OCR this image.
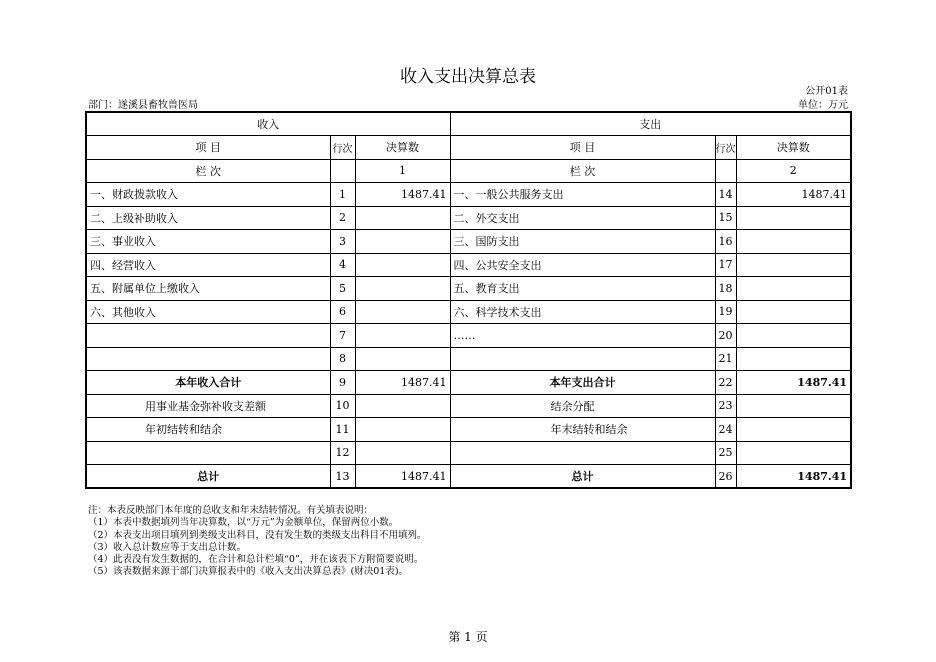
收入支出决算总表
公开01表
部门：遂溪县畜牧兽医局	单位：万元
收入			支出		
项 目	行次	决算数	项 目	行次	决算数
栏 次		1	栏 次		2
一、财政拨款收入	1	1487.41	一、一般公共服务支出	14	1487.41
二、上级补助收入	2		二、外交支出	15	
三、事业收入	3		三、国防支出	16	
四、经营收入	4		四、公共安全支出	17	
五、附属单位上缴收入	5		五、教育支出	18	
六、其他收入	6		六、科学技术支出	19	
	7		……	20	
	8			21	
本年收入合计	9	1487.41	本年支出合计	22	1487.41
用事业基金弥补收支差额	10		结余分配	23	
年初结转和结余	11		年末结转和结余	24	
	12			25	
总计	13	1487.41	总计	26	1487.41
注：本表反映部门本年度的总收支和年末结转情况。有关填表说明：
（1）本表中数据填列当年决算数，以“万元”为金额单位，保留两位小数。
（2）本表支出项目填列到类级支出科目，没有发生数的类级支出科目不用填列。
（3）收入总计数应等于支出总计数。
（4）此表没有发生数据的，在合计和总计栏填“0”，并在该表下方附简要说明。
（5）该表数据来源于部门决算报表中的《收入支出决算总表》(财决01表)。
第 1 页
